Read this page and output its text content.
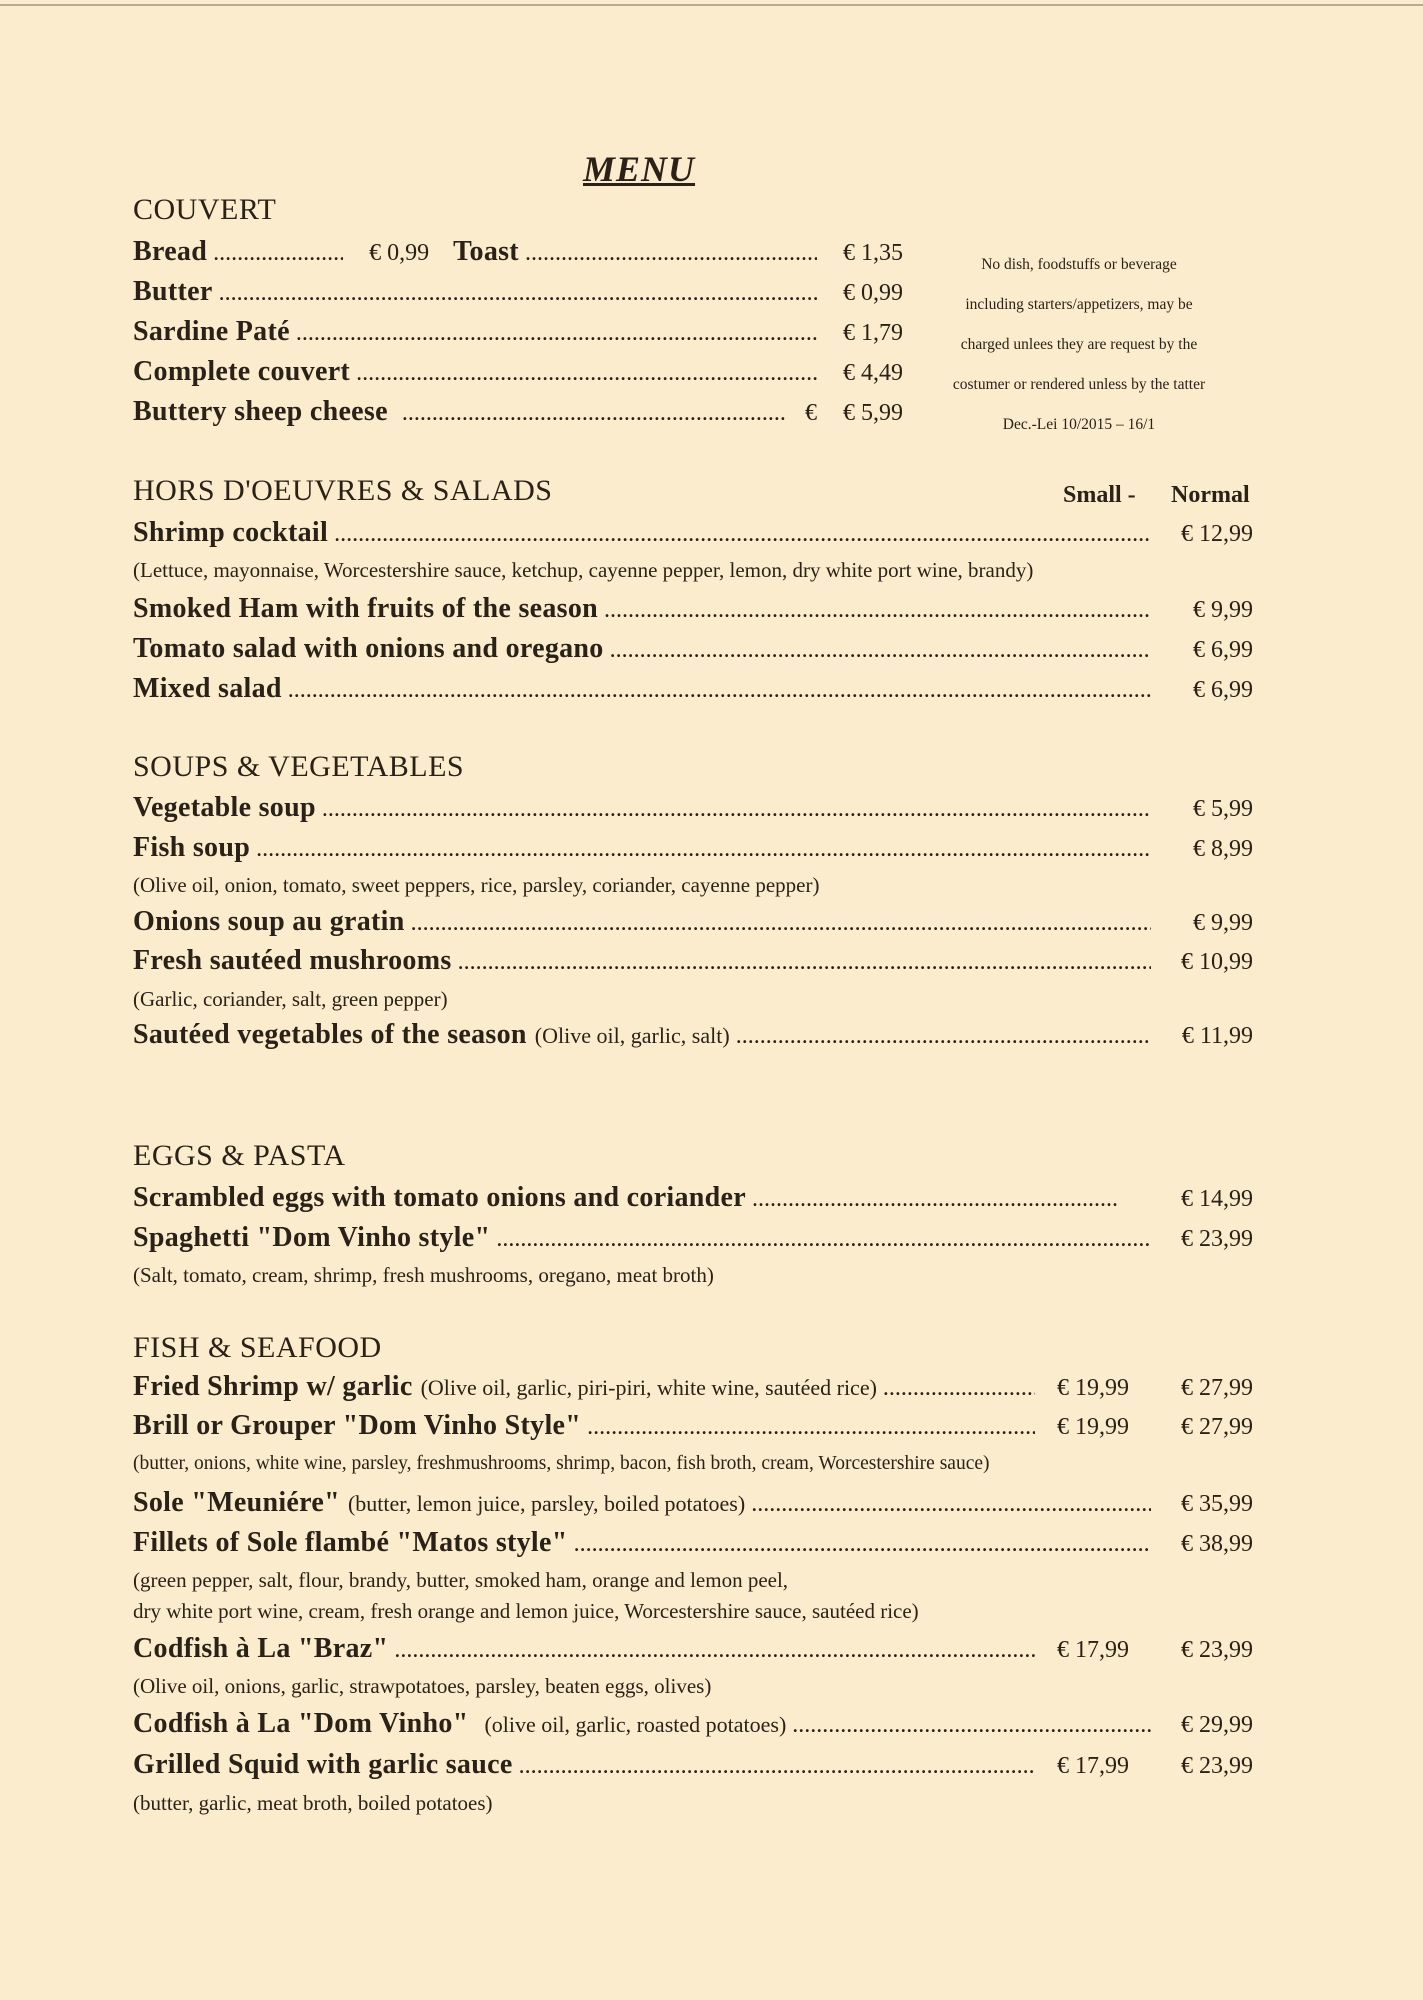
MENU
COUVERT
Bread .....	€ 0,99 Toast .....	€ 1,35
Butter .....	€ 0,99
Sardine Paté .....	€ 1,79
Complete couvert .....	€ 4,49
Buttery sheep cheese .....	€	€ 5,99
No dish, foodstuffs or beverage
including starters/appetizers, may be
charged unlees they are request by the
costumer or rendered unless by the tatter
Dec.-Lei 10/2015 – 16/1
HORS D'OEUVRES & SALADS	Small - Normal
Shrimp cocktail .....	€ 12,99
(Lettuce, mayonnaise, Worcestershire sauce, ketchup, cayenne pepper, lemon, dry white port wine, brandy)
Smoked Ham with fruits of the season .....	€ 9,99
Tomato salad with onions and oregano .....	€ 6,99
Mixed salad .....	€ 6,99
SOUPS & VEGETABLES
Vegetable soup .....	€ 5,99
Fish soup .....	€ 8,99
(Olive oil, onion, tomato, sweet peppers, rice, parsley, coriander, cayenne pepper)
Onions soup au gratin .....	€ 9,99
Fresh sautéed mushrooms .....	€ 10,99
(Garlic, coriander, salt, green pepper)
Sautéed vegetables of the season (Olive oil, garlic, salt) .....	€ 11,99
EGGS & PASTA
Scrambled eggs with tomato onions and coriander .....	€ 14,99
Spaghetti "Dom Vinho style" .....	€ 23,99
(Salt, tomato, cream, shrimp, fresh mushrooms, oregano, meat broth)
FISH & SEAFOOD
Fried Shrimp w/ garlic (Olive oil, garlic, piri-piri, white wine, sautéed rice) .....	€ 19,99	€ 27,99
Brill or Grouper "Dom Vinho Style" .....	€ 19,99	€ 27,99
(butter, onions, white wine, parsley, freshmushrooms, shrimp, bacon, fish broth, cream, Worcestershire sauce)
Sole "Meuniére" (butter, lemon juice, parsley, boiled potatoes) .....	€ 35,99
Fillets of Sole flambé "Matos style" .....	€ 38,99
(green pepper, salt, flour, brandy, butter, smoked ham, orange and lemon peel,
dry white port wine, cream, fresh orange and lemon juice, Worcestershire sauce, sautéed rice)
Codfish à La "Braz" .....	€ 17,99	€ 23,99
(Olive oil, onions, garlic, strawpotatoes, parsley, beaten eggs, olives)
Codfish à La "Dom Vinho" (olive oil, garlic, roasted potatoes) .....	€ 29,99
Grilled Squid with garlic sauce .....	€ 17,99	€ 23,99
(butter, garlic, meat broth, boiled potatoes)
